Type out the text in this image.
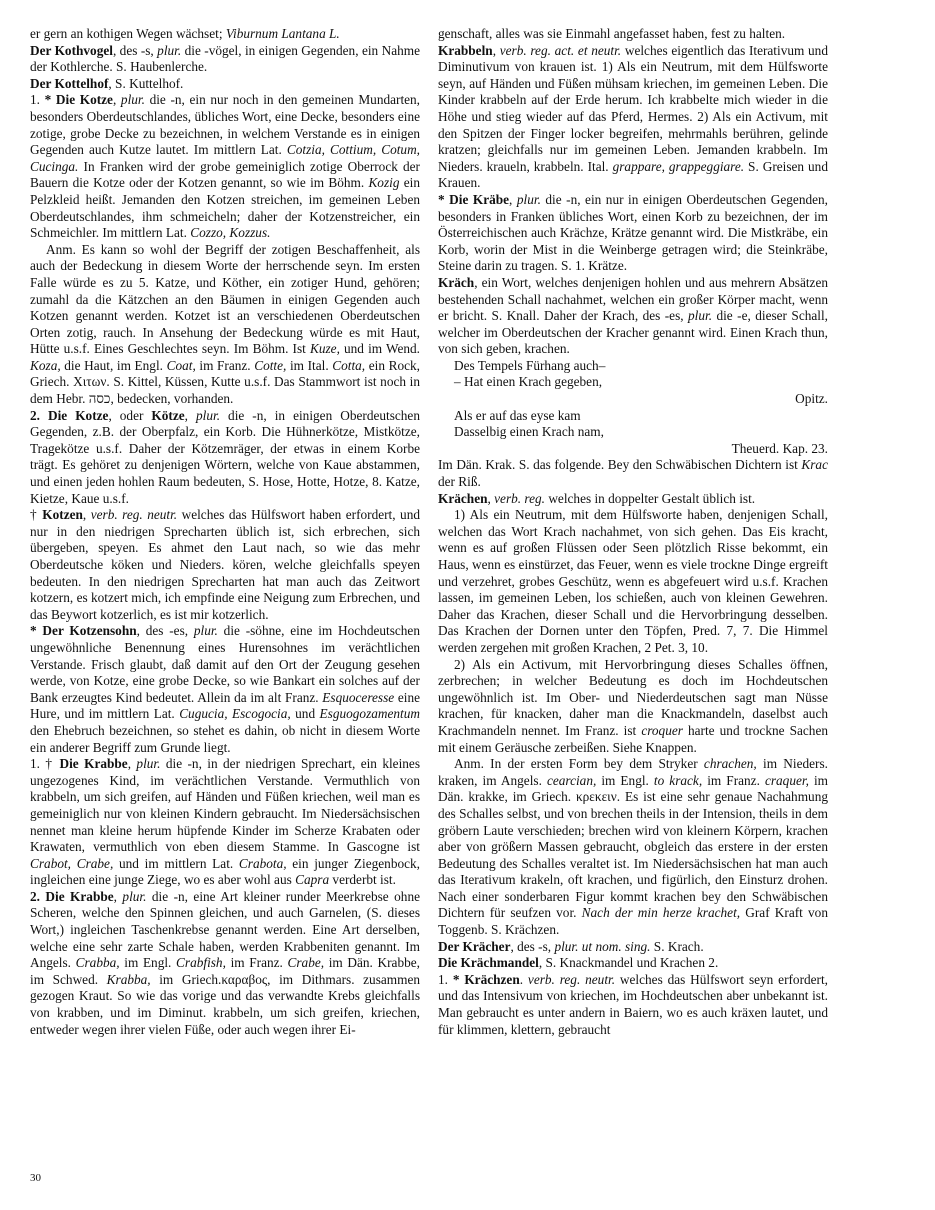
er gern an kothigen Wegen wächset; Viburnum Lantana L.

Der Kothvogel, des -s, plur. die -vögel, in einigen Gegenden, ein Nahme der Kothlerche. S. Haubenlerche.

Der Kottelhof, S. Kuttelhof.

1. * Die Kotze, plur. die -n, ein nur noch in den gemeinen Mundarten, besonders Oberdeutschlandes, übliches Wort, eine Decke, besonders eine zotige, grobe Decke zu bezeichnen, in welchem Verstande es in einigen Gegenden auch Kutze lautet. Im mittlern Lat. Cotzia, Cottium, Cotum, Cucinga. In Franken wird der grobe gemeiniglich zotige Oberrock der Bauern die Kotze oder der Kotzen genannt, so wie im Böhm. Kozig ein Pelzkleid heißt. Jemanden den Kotzen streichen, im gemeinen Leben Oberdeutschlandes, ihm schmeicheln; daher der Kotzenstreicher, ein Schmeichler. Im mittlern Lat. Cozzo, Kozzus.

Anm. Es kann so wohl der Begriff der zotigen Beschaffenheit, als auch der Bedeckung in diesem Worte der herrschende seyn. Im ersten Falle würde es zu 5. Katze, und Köther, ein zotiger Hund, gehören; zumahl da die Kätzchen an den Bäumen in einigen Gegenden auch Kotzen genannt werden. Kotzet ist an verschiedenen Oberdeutschen Orten zotig, rauch. In Ansehung der Bedeckung würde es mit Haut, Hütte u.s.f. Eines Geschlechtes seyn. Im Böhm. Ist Kuze, und im Wend. Koza, die Haut, im Engl. Coat, im Franz. Cotte, im Ital. Cotta, ein Rock, Griech. Χιτων. S. Kittel, Küssen, Kutte u.s.f. Das Stammwort ist noch in dem Hebr. כסה, bedecken, vorhanden.

2. Die Kotze, oder Kötze, plur. die -n, in einigen Oberdeutschen Gegenden, z.B. der Oberpfalz, ein Korb. Die Hühnerkötze, Mistkötze, Tragekötze u.s.f. Daher der Kötzemräger, der etwas in einem Korbe trägt. Es gehöret zu denjenigen Wörtern, welche von Kaue abstammen, und einen jeden hohlen Raum bedeuten, S. Hose, Hotte, Hotze, 8. Katze, Kietze, Kaue u.s.f.

† Kotzen, verb. reg. neutr. welches das Hülfswort haben erfordert, und nur in den niedrigen Sprecharten üblich ist, sich erbrechen, sich übergeben, speyen. Es ahmet den Laut nach, so wie das mehr Oberdeutsche köken und Nieders. kören, welche gleichfalls speyen bedeuten. In den niedrigen Sprecharten hat man auch das Zeitwort kotzern, es kotzert mich, ich empfinde eine Neigung zum Erbrechen, und das Beywort kotzerlich, es ist mir kotzerlich.

* Der Kotzensohn, des -es, plur. die -söhne, eine im Hochdeutschen ungewöhnliche Benennung eines Hurensohnes im verächtlichen Verstande. Frisch glaubt, daß damit auf den Ort der Zeugung gesehen werde, von Kotze, eine grobe Decke, so wie Bankart ein solches auf der Bank erzeugtes Kind bedeutet. Allein da im alt Franz. Esquoceresse eine Hure, und im mittlern Lat. Cugucia, Escogocia, und Esguogozamentum den Ehebruch bezeichnen, so stehet es dahin, ob nicht in diesem Worte ein anderer Begriff zum Grunde liegt.

1. † Die Krabbe, plur. die -n, in der niedrigen Sprechart, ein kleines ungezogenes Kind, im verächtlichen Verstande. Vermuthlich von krabbeln, um sich greifen, auf Händen und Füßen kriechen, weil man es gemeiniglich nur von kleinen Kindern gebraucht. Im Niedersächsischen nennet man kleine herum hüpfende Kinder im Scherze Krabaten oder Krawaten, vermuthlich von eben diesem Stamme. In Gascogne ist Crabot, Crabe, und im mittlern Lat. Crabota, ein junger Ziegenbock, ingleichen eine junge Ziege, wo es aber wohl aus Capra verderbt ist.

2. Die Krabbe, plur. die -n, eine Art kleiner runder Meerkrebse ohne Scheren, welche den Spinnen gleichen, und auch Garnelen, (S. dieses Wort,) ingleichen Taschenkrebse genannt werden. Eine Art derselben, welche eine sehr zarte Schale haben, werden Krabbeniten genannt. Im Angels. Crabba, im Engl. Crabfish, im Franz. Crabe, im Dän. Krabbe, im Schwed. Krabba, im Griech.καραβος, im Dithmars. zusammen gezogen Kraut. So wie das vorige und das verwandte Krebs gleichfalls von krabben, und im Diminut. krabbeln, um sich greifen, kriechen, entweder wegen ihrer vielen Füße, oder auch wegen ihrer Ei-

genschaft, alles was sie Einmahl angefasset haben, fest zu halten.

Krabbeln, verb. reg. act. et neutr. welches eigentlich das Iterativum und Diminutivum von krauen ist. 1) Als ein Neutrum, mit dem Hülfsworte seyn, auf Händen und Füßen mühsam kriechen, im gemeinen Leben. Die Kinder krabbeln auf der Erde herum. Ich krabbelte mich wieder in die Höhe und stieg wieder auf das Pferd, Hermes. 2) Als ein Activum, mit den Spitzen der Finger locker begreifen, mehrmahls berühren, gelinde kratzen; gleichfalls nur im gemeinen Leben. Jemanden krabbeln. Im Nieders. krauеln, krabbeln. Ital. grappare, grappeggiare. S. Greisen und Krauen.

* Die Kräbe, plur. die -n, ein nur in einigen Oberdeutschen Gegenden, besonders in Franken übliches Wort, einen Korb zu bezeichnen, der im Österreichischen auch Krächze, Krätze genannt wird. Die Mistkräbe, ein Korb, worin der Mist in die Weinberge getragen wird; die Steinkräbe, Steine darin zu tragen. S. 1. Krätze.

Kräch, ein Wort, welches denjenigen hohlen und aus mehrern Absätzen bestehenden Schall nachahmet, welchen ein großer Körper macht, wenn er bricht. S. Knall. Daher der Krach, des -es, plur. die -e, dieser Schall, welcher im Oberdeutschen der Kracher genannt wird. Einen Krach thun, von sich geben, krachen.

Des Tempels Fürhang auch–

– Hat einen Krach gegeben,

Opitz.

Als er auf das eyse kam

Dasselbig einen Krach nam,

Theuerd. Kap. 23.

Im Dän. Krak. S. das folgende. Bey den Schwäbischen Dichtern ist Krac der Riß.

Krächen, verb. reg. welches in doppelter Gestalt üblich ist.

1) Als ein Neutrum, mit dem Hülfsworte haben, denjenigen Schall, welchen das Wort Krach nachahmet, von sich gehen. Das Eis kracht, wenn es auf großen Flüssen oder Seen plötzlich Risse bekommt, ein Haus, wenn es einstürzet, das Feuer, wenn es viele trockne Dinge ergreift und verzehret, grobes Geschütz, wenn es abgefeuert wird u.s.f. Krachen lassen, im gemeinen Leben, los schießen, auch von kleinen Gewehren. Daher das Krachen, dieser Schall und die Hervorbringung desselben. Das Krachen der Dornen unter den Töpfen, Pred. 7, 7. Die Himmel werden zergehen mit großen Krachen, 2 Pet. 3, 10.

2) Als ein Activum, mit Hervorbringung dieses Schalles öffnen, zerbrechen; in welcher Bedeutung es doch im Hochdeutschen ungewöhnlich ist. Im Ober- und Niederdeutschen sagt man Nüsse krachen, für knacken, daher man die Knackmandeln, daselbst auch Krachmandeln nennet. Im Franz. ist croquer harte und trockne Sachen mit einem Geräusche zerbeißen. Siehe Knappen.

Anm. In der ersten Form bey dem Stryker chrachen, im Nieders. kraken, im Angels. cearcian, im Engl. to krack, im Franz. craquer, im Dän. krakke, im Griech. κρεκειν. Es ist eine sehr genaue Nachahmung des Schalles selbst, und von brechen theils in der Intension, theils in dem gröbern Laute verschieden; brechen wird von kleinern Körpern, krachen aber von größern Massen gebraucht, obgleich das erstere in der ersten Bedeutung des Schalles veraltet ist. Im Niedersächsischen hat man auch das Iterativum krakeln, oft krachen, und figürlich, den Einsturz drohen. Nach einer sonderbaren Figur kommt krachen bey den Schwäbischen Dichtern für seufzen vor. Nach der min herze krachet, Graf Kraft von Toggenb. S. Krächzen.

Der Krächer, des -s, plur. ut nom. sing. S. Krach.

Die Krächmandel, S. Knackmandel und Krachen 2.

1. * Krächzen. verb. reg. neutr. welches das Hülfswort seyn erfordert, und das Intensivum von kriechen, im Hochdeutschen aber unbekannt ist. Man gebraucht es unter andern in Baiern, wo es auch kräxen lautet, und für klimmen, klettern, gebraucht

30
